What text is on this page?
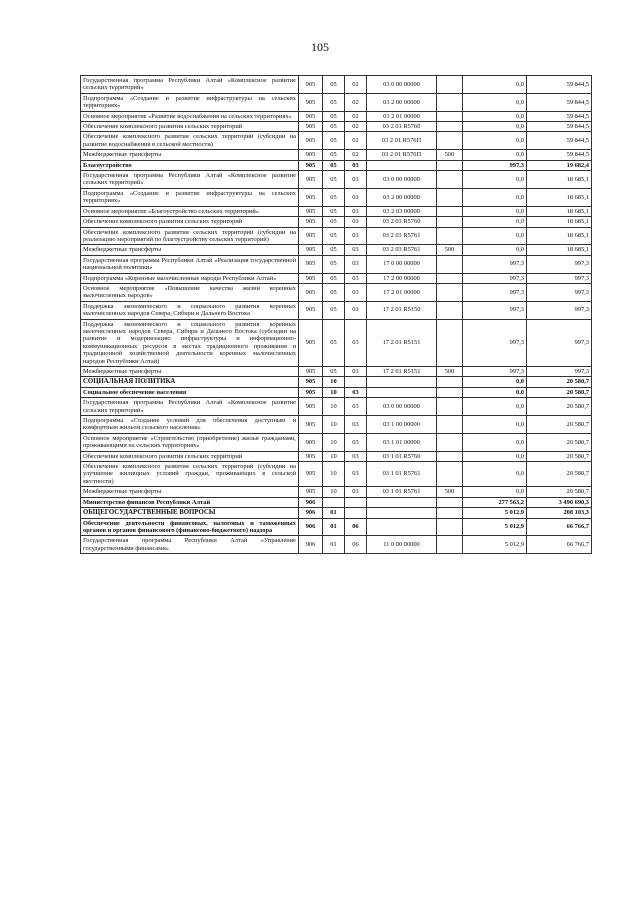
105
Государственная программа Республики Алтай «Комплексное развитие сельских территорий»	905	05	02	03 0 00 00000		0,0	59 844,5
Подпрограмма «Создание и развитие инфраструктуры на сельских территориях»	905	05	02	03 2 00 00000		0,0	59 844,5
Основное мероприятие «Развитие водоснабжения на сельских территориях»	905	05	02	03 2 01 00000		0,0	59 844,5
Обеспечение комплексного развития сельских территорий	905	05	02	03 2 01 R5760		0,0	59 844,5
Обеспечение комплексного развития сельских территорий (субсидии на развитие водоснабжения в сельской местности)	905	05	02	03 2 01 R576П		0,0	59 844,5
Межбюджетные трансферты	905	05	02	03 2 01 R576П	500	0,0	59 844,5
Благоустройство	905	05	03			997,3	19 682,4
Государственная программа Республики Алтай «Комплексное развитие сельских территорий»	905	05	03	03 0 00 00000		0,0	18 685,1
Подпрограмма «Создание и развитие инфраструктуры на сельских территориях»	905	05	03	03 2 00 00000		0,0	18 685,1
Основное мероприятие «Благоустройство сельских территорий»	905	05	03	03 2 03 00000		0,0	18 685,1
Обеспечение комплексного развития сельских территорий	905	05	03	03 2 03 R5760		0,0	18 685,1
Обеспечение комплексного развития сельских территорий (субсидии на реализацию мероприятий по благоустройству сельских территорий)	905	05	03	03 2 03 R5761		0,0	18 685,1
Межбюджетные трансферты	905	05	03	03 2 03 R5761	500	0,0	18 685,1
Государственная программа Республики Алтай «Реализация государственной национальной политики»	905	05	03	17 0 00 00000		997,3	997,3
Подпрограмма «Коренные малочисленные народы Республики Алтай»	905	05	03	17 2 00 00000		997,3	997,3
Основное мероприятие «Повышение качества жизни коренных малочисленных народов»	905	05	03	17 2 01 00000		997,3	997,3
Поддержка экономического и социального развития коренных малочисленных народов Севера, Сибири и Дальнего Востока	905	05	03	17 2 01 R5150		997,3	997,3
Поддержка экономического и социального развития коренных малочисленных народов Севера, Сибири и Дальнего Востока (субсидии на развитие и модернизацию инфраструктуры и информационно-коммуникационных ресурсов в местах традиционного проживания и традиционной хозяйственной деятельности коренных малочисленных народов Республики Алтай)	905	05	03	17 2 01 R5151		997,3	997,3
Межбюджетные трансферты	905	05	03	17 2 01 R5151	500	997,3	997,3
СОЦИАЛЬНАЯ ПОЛИТИКА	905	10				0,0	20 580,7
Социальное обеспечение населения	905	10	03			0,0	20 580,7
Государственная программа Республики Алтай «Комплексное развитие сельских территорий»	905	10	03	03 0 00 00000		0,0	20 580,7
Подпрограмма «Создание условий для обеспечения доступным и комфортным жильем сельского населения»	905	10	03	03 1 00 00000		0,0	20 580,7
Основное мероприятие «Строительство (приобретение) жилья гражданами, проживающими на сельских территориях»	905	10	03	03 1 01 00000		0,0	20 580,7
Обеспечение комплексного развития сельских территорий	905	10	03	03 1 01 R5760		0,0	20 580,7
Обеспечение комплексного развития сельских территорий (субсидии на улучшение жилищных условий граждан, проживающих в сельской местности)	905	10	03	03 1 01 R5761		0,0	20 580,7
Межбюджетные трансферты	905	10	03	03 1 01 R5761	500	0,0	20 580,7
Министерство финансов Республики Алтай	906					277 563,2	3 490 690,3
ОБЩЕГОСУДАРСТВЕННЫЕ ВОПРОСЫ	906	01				5 012,9	208 103,3
Обеспечение деятельности финансовых, налоговых и таможенных органов и органов финансового (финансово-бюджетного) надзора	906	01	06			5 012,9	66 766,7
Государственная программа Республики Алтай «Управление государственными финансами»	906	01	06	11 0 00 00000		5 012,9	66 766,7
